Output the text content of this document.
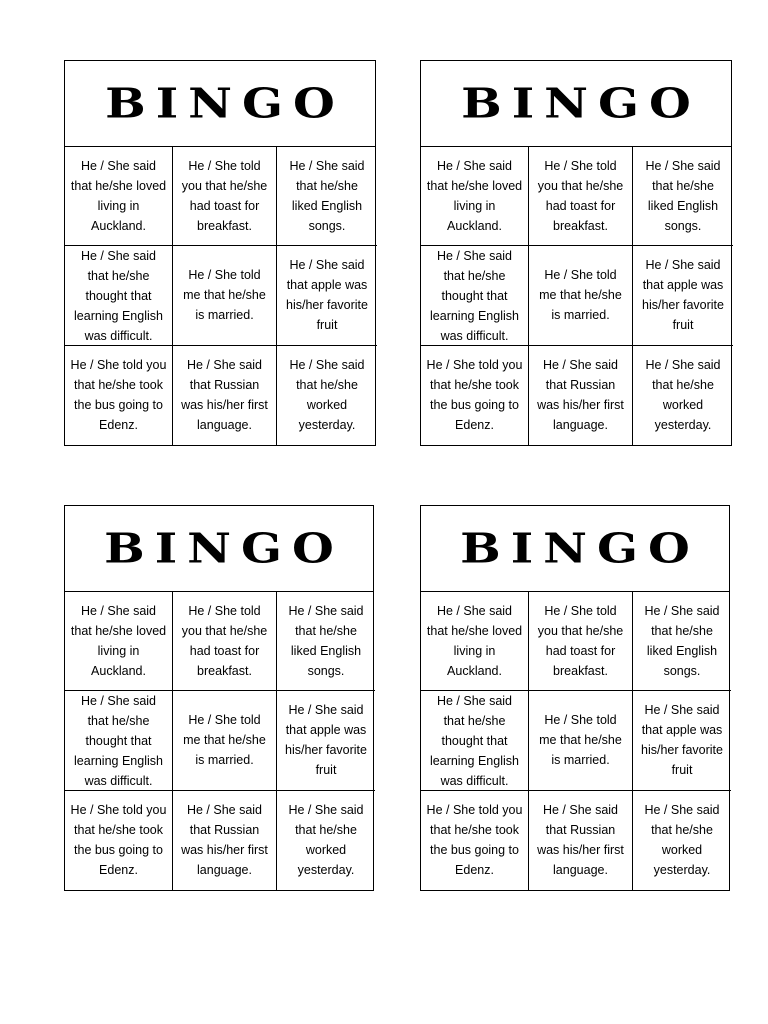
BINGO
He / She said that he/she loved living in Auckland.
He / She told you that he/she had toast for breakfast.
He / She said that he/she liked English songs.
He / She said that he/she thought that learning English was difficult.
He / She told me that he/she is married.
He / She said that apple was his/her favorite fruit
He / She told you that he/she took the bus going to Edenz.
He / She said that Russian was his/her first language.
He / She said that he/she worked yesterday.
BINGO
He / She said that he/she loved living in Auckland.
He / She told you that he/she had toast for breakfast.
He / She said that he/she liked English songs.
He / She said that he/she thought that learning English was difficult.
He / She told me that he/she is married.
He / She said that apple was his/her favorite fruit
He / She told you that he/she took the bus going to Edenz.
He / She said that Russian was his/her first language.
He / She said that he/she worked yesterday.
BINGO
He / She said that he/she loved living in Auckland.
He / She told you that he/she had toast for breakfast.
He / She said that he/she liked English songs.
He / She said that he/she thought that learning English was difficult.
He / She told me that he/she is married.
He / She said that apple was his/her favorite fruit
He / She told you that he/she took the bus going to Edenz.
He / She said that Russian was his/her first language.
He / She said that he/she worked yesterday.
BINGO
He / She said that he/she loved living in Auckland.
He / She told you that he/she had toast for breakfast.
He / She said that he/she liked English songs.
He / She said that he/she thought that learning English was difficult.
He / She told me that he/she is married.
He / She said that apple was his/her favorite fruit
He / She told you that he/she took the bus going to Edenz.
He / She said that Russian was his/her first language.
He / She said that he/she worked yesterday.
